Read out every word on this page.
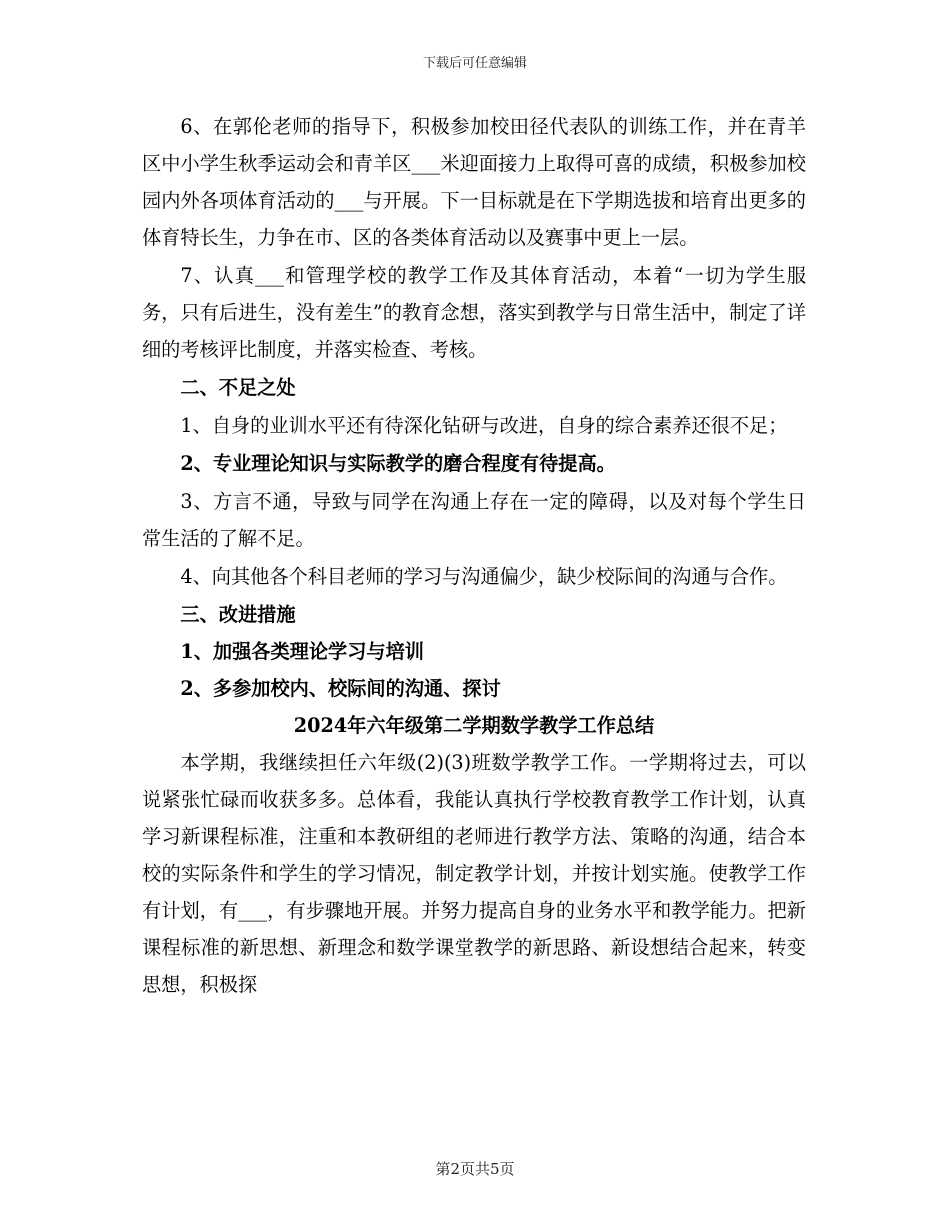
下载后可任意编辑

6、在郭伦老师的指导下，积极参加校田径代表队的训练工作，并在青羊区中小学生秋季运动会和青羊区___米迎面接力上取得可喜的成绩，积极参加校园内外各项体育活动的___与开展。下一目标就是在下学期选拔和培育出更多的体育特长生，力争在市、区的各类体育活动以及赛事中更上一层。

7、认真___和管理学校的教学工作及其体育活动，本着“一切为学生服务，只有后进生，没有差生”的教育念想，落实到教学与日常生活中，制定了详细的考核评比制度，并落实检查、考核。

二、不足之处

1、自身的业训水平还有待深化钻研与改进，自身的综合素养还很不足；

2、专业理论知识与实际教学的磨合程度有待提高。

3、方言不通，导致与同学在沟通上存在一定的障碍，以及对每个学生日常生活的了解不足。

4、向其他各个科目老师的学习与沟通偏少，缺少校际间的沟通与合作。

三、改进措施

1、加强各类理论学习与培训

2、多参加校内、校际间的沟通、探讨

2024年六年级第二学期数学教学工作总结

本学期，我继续担任六年级(2)(3)班数学教学工作。一学期将过去，可以说紧张忙碌而收获多多。总体看，我能认真执行学校教育教学工作计划，认真学习新课程标准，注重和本教研组的老师进行教学方法、策略的沟通，结合本校的实际条件和学生的学习情况，制定教学计划，并按计划实施。使教学工作有计划，有___，有步骤地开展。并努力提高自身的业务水平和教学能力。把新课程标准的新思想、新理念和数学课堂教学的新思路、新设想结合起来，转变思想，积极探

第2页共5页
